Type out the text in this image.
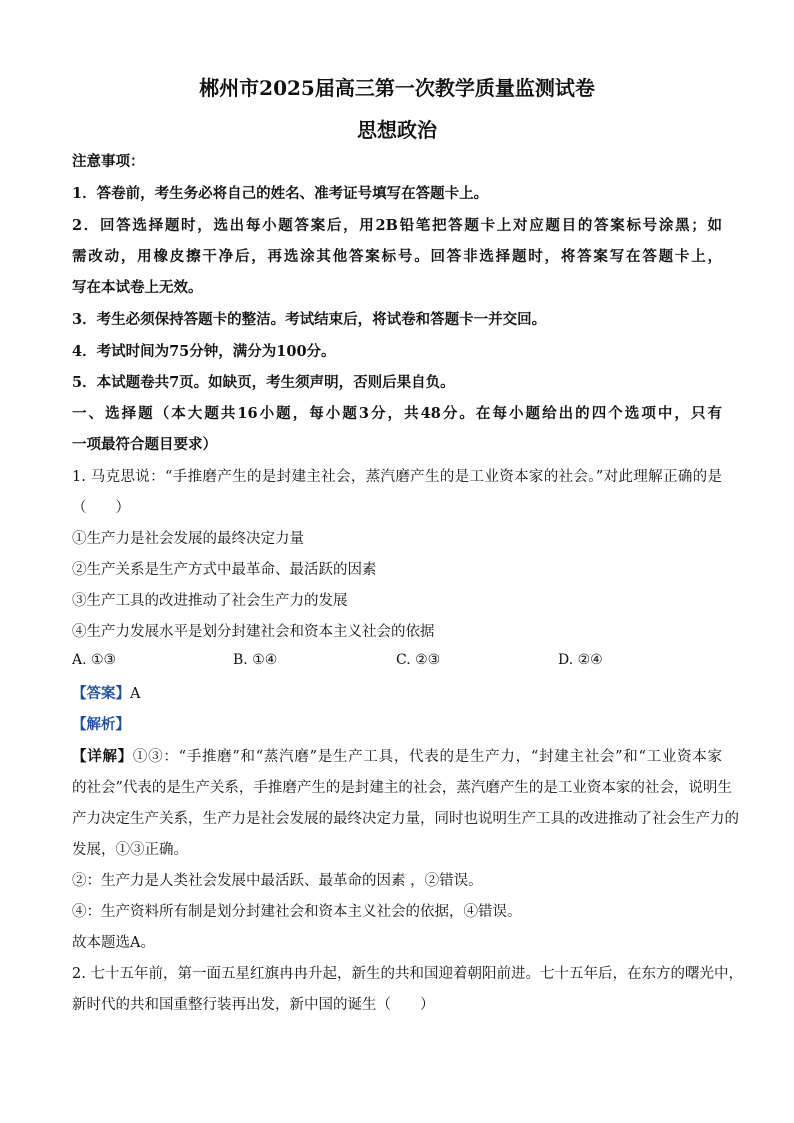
郴州市2025届高三第一次教学质量监测试卷
思想政治
注意事项：
1．答卷前，考生务必将自己的姓名、准考证号填写在答题卡上。
2．回答选择题时，选出每小题答案后，用2B铅笔把答题卡上对应题目的答案标号涂黑；如
需改动，用橡皮擦干净后，再选涂其他答案标号。回答非选择题时，将答案写在答题卡上，
写在本试卷上无效。
3．考生必须保持答题卡的整洁。考试结束后，将试卷和答题卡一并交回。
4．考试时间为75分钟，满分为100分。
5．本试题卷共7页。如缺页，考生须声明，否则后果自负。
一、选择题（本大题共16小题，每小题3分，共48分。在每小题给出的四个选项中，只有
一项最符合题目要求）
1. 马克思说：“手推磨产生的是封建主社会，蒸汽磨产生的是工业资本家的社会。”对此理解正确的是
（　　）
①生产力是社会发展的最终决定力量
②生产关系是生产方式中最革命、最活跃的因素
③生产工具的改进推动了社会生产力的发展
④生产力发展水平是划分封建社会和资本主义社会的依据
A. ①③	B. ①④	C. ②③	D. ②④
【答案】A
【解析】
【详解】①③：“手推磨”和“蒸汽磨”是生产工具，代表的是生产力，“封建主社会”和“工业资本家
的社会”代表的是生产关系，手推磨产生的是封建主的社会，蒸汽磨产生的是工业资本家的社会，说明生
产力决定生产关系，生产力是社会发展的最终决定力量，同时也说明生产工具的改进推动了社会生产力的
发展，①③正确。
②：生产力是人类社会发展中最活跃、最革命的因素 ，②错误。
④：生产资料所有制是划分封建社会和资本主义社会的依据，④错误。
故本题选A。
2. 七十五年前，第一面五星红旗冉冉升起，新生的共和国迎着朝阳前进。七十五年后，在东方的曙光中，
新时代的共和国重整行装再出发，新中国的诞生（　　）
